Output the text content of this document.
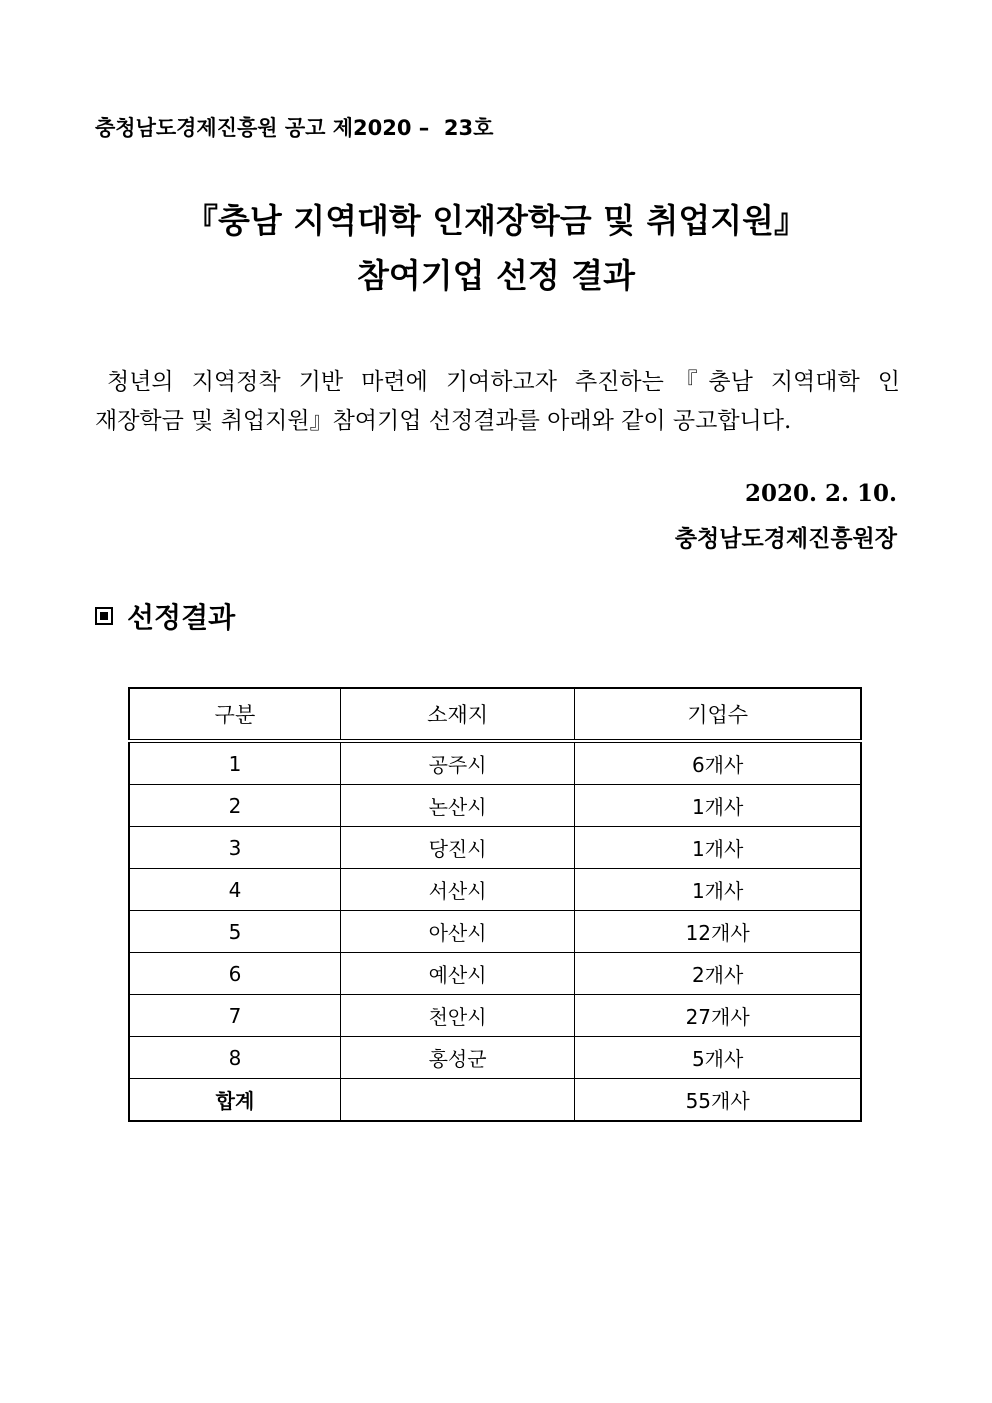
충청남도경제진흥원 공고 제2020 –  23호
『충남 지역대학 인재장학금 및 취업지원』
참여기업 선정 결과
청년의 지역정착 기반 마련에 기여하고자 추진하는『충남 지역대학 인
재장학금 및 취업지원』참여기업 선정결과를 아래와 같이 공고합니다.
2020. 2. 10.
충청남도경제진흥원장
선정결과
구분	소재지	기업수
1	공주시	6개사
2	논산시	1개사
3	당진시	1개사
4	서산시	1개사
5	아산시	12개사
6	예산시	2개사
7	천안시	27개사
8	홍성군	5개사
합계		55개사
